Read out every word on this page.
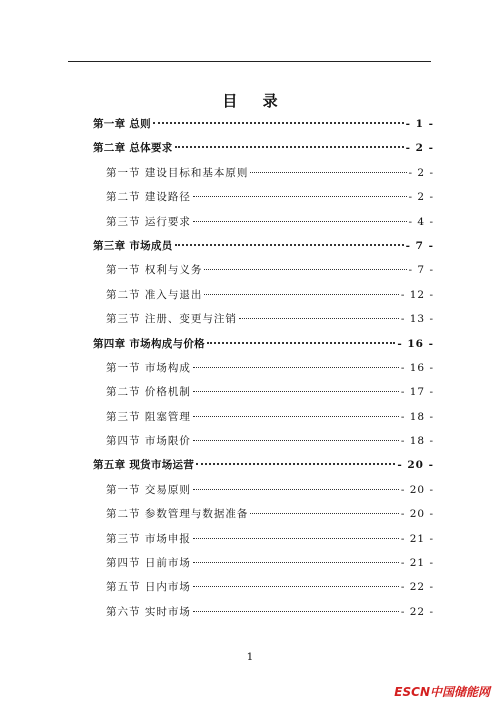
目 录
第一章 总则	- 1 -
第二章 总体要求	- 2 -
第一节 建设目标和基本原则	- 2 -
第二节 建设路径	- 2 -
第三节 运行要求	- 4 -
第三章 市场成员	- 7 -
第一节 权利与义务	- 7 -
第二节 准入与退出	- 12 -
第三节 注册、变更与注销	- 13 -
第四章 市场构成与价格	- 16 -
第一节 市场构成	- 16 -
第二节 价格机制	- 17 -
第三节 阻塞管理	- 18 -
第四节 市场限价	- 18 -
第五章 现货市场运营	- 20 -
第一节 交易原则	- 20 -
第二节 参数管理与数据准备	- 20 -
第三节 市场申报	- 21 -
第四节 日前市场	- 21 -
第五节 日内市场	- 22 -
第六节 实时市场	- 22 -
1
ESCN中国储能网
